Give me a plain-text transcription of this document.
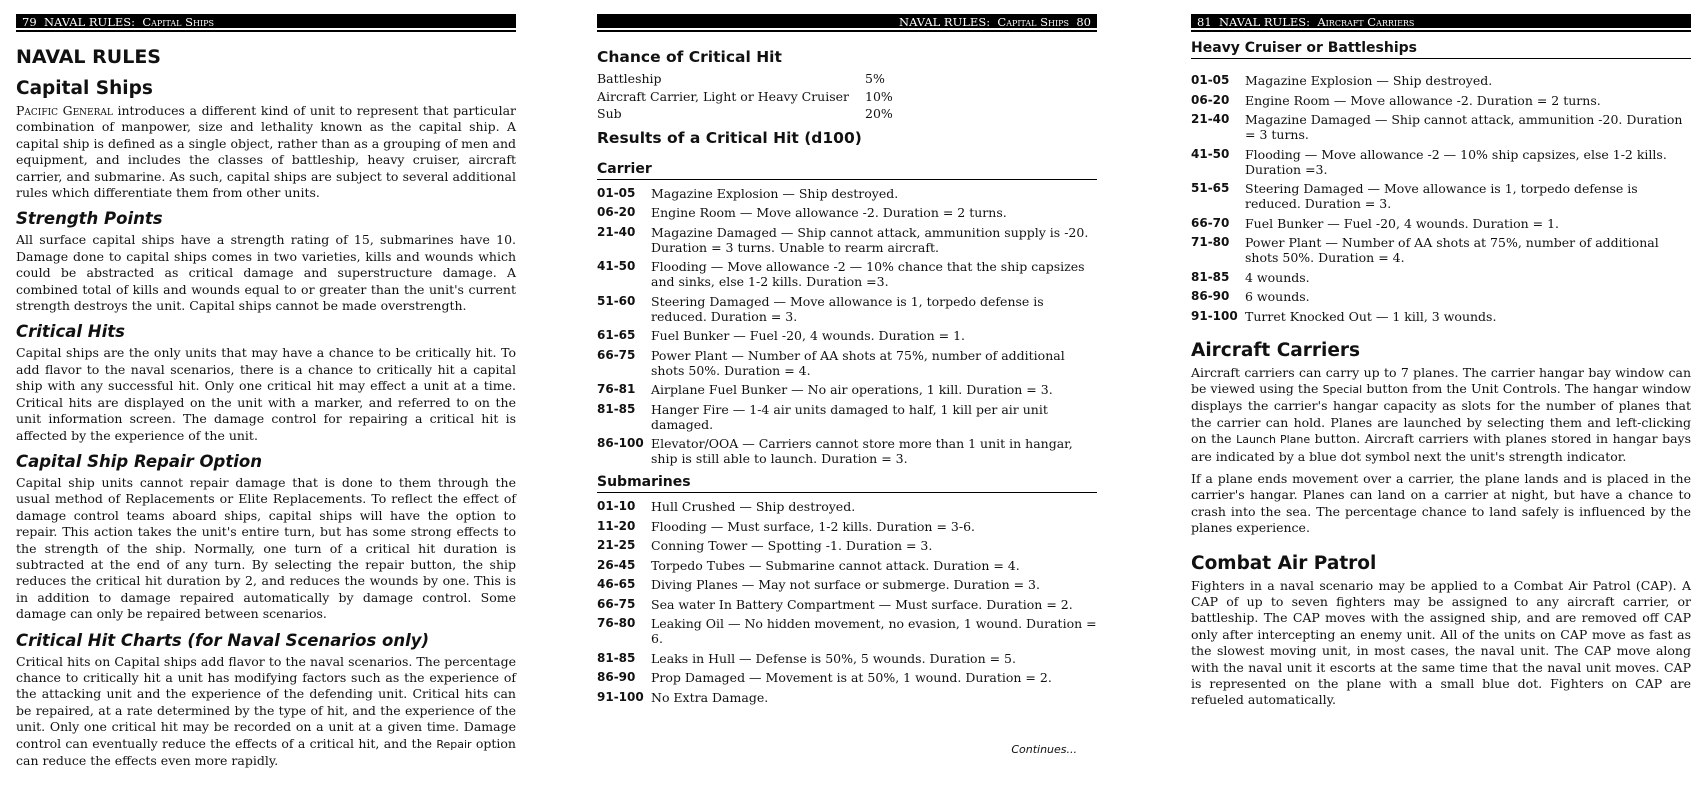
79 NAVAL RULES: Capital Ships
NAVAL RULES
Capital Ships

Pacific General introduces a different kind of unit to represent that particular combination of manpower, size and lethality known as the capital ship. A capital ship is defined as a single object, rather than as a grouping of men and equipment, and includes the classes of battleship, heavy cruiser, aircraft carrier, and submarine. As such, capital ships are subject to several additional rules which differentiate them from other units.

Strength Points

All surface capital ships have a strength rating of 15, submarines have 10. Damage done to capital ships comes in two varieties, kills and wounds which could be abstracted as critical damage and superstructure damage. A combined total of kills and wounds equal to or greater than the unit's current strength destroys the unit. Capital ships cannot be made overstrength.

Critical Hits

Capital ships are the only units that may have a chance to be critically hit. To add flavor to the naval scenarios, there is a chance to critically hit a capital ship with any successful hit. Only one critical hit may effect a unit at a time. Critical hits are displayed on the unit with a marker, and referred to on the unit information screen. The damage control for repairing a critical hit is affected by the experience of the unit.

Capital Ship Repair Option

Capital ship units cannot repair damage that is done to them through the usual method of Replacements or Elite Replacements. To reflect the effect of damage control teams aboard ships, capital ships will have the option to repair. This action takes the unit's entire turn, but has some strong effects to the strength of the ship. Normally, one turn of a critical hit duration is subtracted at the end of any turn. By selecting the repair button, the ship reduces the critical hit duration by 2, and reduces the wounds by one. This is in addition to damage repaired automatically by damage control. Some damage can only be repaired between scenarios.

Critical Hit Charts (for Naval Scenarios only)

Critical hits on Capital ships add flavor to the naval scenarios. The percentage chance to critically hit a unit has modifying factors such as the experience of the attacking unit and the experience of the defending unit. Critical hits can be repaired, at a rate determined by the type of hit, and the experience of the unit. Only one critical hit may be recorded on a unit at a given time. Damage control can eventually reduce the effects of a critical hit, and the Repair option can reduce the effects even more rapidly.

NAVAL RULES: Capital Ships 80
Chance of Critical Hit
Battleship	5%
Aircraft Carrier, Light or Heavy Cruiser	10%
Sub	20%
Results of a Critical Hit (d100)
Carrier
01-05	Magazine Explosion — Ship destroyed.
06-20	Engine Room — Move allowance -2. Duration = 2 turns.
21-40	Magazine Damaged — Ship cannot attack, ammunition supply is -20. Duration = 3 turns. Unable to rearm aircraft.
41-50	Flooding — Move allowance -2 — 10% chance that the ship capsizes and sinks, else 1-2 kills. Duration =3.
51-60	Steering Damaged — Move allowance is 1, torpedo defense is reduced. Duration = 3.
61-65	Fuel Bunker — Fuel -20, 4 wounds. Duration = 1.
66-75	Power Plant — Number of AA shots at 75%, number of additional shots 50%. Duration = 4.
76-81	Airplane Fuel Bunker — No air operations, 1 kill. Duration = 3.
81-85	Hanger Fire — 1-4 air units damaged to half, 1 kill per air unit damaged.
86-100 Elevator/OOA — Carriers cannot store more than 1 unit in hangar, ship is still able to launch. Duration = 3.
Submarines
01-10	Hull Crushed — Ship destroyed.
11-20	Flooding — Must surface, 1-2 kills. Duration = 3-6.
21-25	Conning Tower — Spotting -1. Duration = 3.
26-45	Torpedo Tubes — Submarine cannot attack. Duration = 4.
46-65	Diving Planes — May not surface or submerge. Duration = 3.
66-75	Sea water In Battery Compartment — Must surface. Duration = 2.
76-80	Leaking Oil — No hidden movement, no evasion, 1 wound. Duration = 6.
81-85	Leaks in Hull — Defense is 50%, 5 wounds. Duration = 5.
86-90	Prop Damaged — Movement is at 50%, 1 wound. Duration = 2.
91-100 No Extra Damage.
Continues...
81 NAVAL RULES: Aircraft Carriers
Heavy Cruiser or Battleships
01-05	Magazine Explosion — Ship destroyed.
06-20	Engine Room — Move allowance -2. Duration = 2 turns.
21-40	Magazine Damaged — Ship cannot attack, ammunition -20. Duration = 3 turns.
41-50	Flooding — Move allowance -2 — 10% ship capsizes, else 1-2 kills. Duration =3.
51-65	Steering Damaged — Move allowance is 1, torpedo defense is reduced. Duration = 3.
66-70	Fuel Bunker — Fuel -20, 4 wounds. Duration = 1.
71-80	Power Plant — Number of AA shots at 75%, number of additional shots 50%. Duration = 4.
81-85	4 wounds.
86-90	6 wounds.
91-100 Turret Knocked Out — 1 kill, 3 wounds.
Aircraft Carriers

Aircraft carriers can carry up to 7 planes. The carrier hangar bay window can be viewed using the Special button from the Unit Controls. The hangar window displays the carrier's hangar capacity as slots for the number of planes that the carrier can hold. Planes are launched by selecting them and left-clicking on the Launch Plane button. Aircraft carriers with planes stored in hangar bays are indicated by a blue dot symbol next the unit's strength indicator.

If a plane ends movement over a carrier, the plane lands and is placed in the carrier's hangar. Planes can land on a carrier at night, but have a chance to crash into the sea. The percentage chance to land safely is influenced by the planes experience.

Combat Air Patrol

Fighters in a naval scenario may be applied to a Combat Air Patrol (CAP). A CAP of up to seven fighters may be assigned to any aircraft carrier, or battleship. The CAP moves with the assigned ship, and are removed off CAP only after intercepting an enemy unit. All of the units on CAP move as fast as the slowest moving unit, in most cases, the naval unit. The CAP move along with the naval unit it escorts at the same time that the naval unit moves. CAP is represented on the plane with a small blue dot. Fighters on CAP are refueled automatically.
